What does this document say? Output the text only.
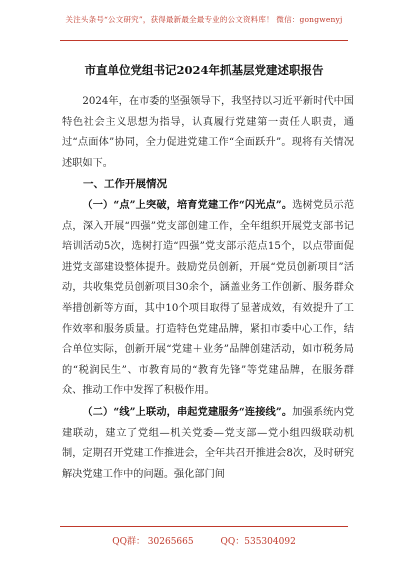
关注头条号“公文研究”，获得最新最全最专业的公文资料库！ 微信：gongwenyj
市直单位党组书记2024年抓基层党建述职报告

2024年，在市委的坚强领导下，我坚持以习近平新时代中国特色社会主义思想为指导，认真履行党建第一责任人职责，通过“点面体”协同，全力促进党建工作“全面跃升”。现将有关情况述职如下。

一、工作开展情况

（一）“点”上突破，培育党建工作“闪光点”。选树党员示范点，深入开展“四强”党支部创建工作，全年组织开展党支部书记培训活动5次，选树打造“四强”党支部示范点15个，以点带面促进党支部建设整体提升。鼓励党员创新，开展“党员创新项目”活动，共收集党员创新项目30余个，涵盖业务工作创新、服务群众举措创新等方面，其中10个项目取得了显著成效，有效提升了工作效率和服务质量。打造特色党建品牌，紧扣市委中心工作，结合单位实际，创新开展“党建＋业务”品牌创建活动，如市税务局的“税润民生”、市教育局的“教育先锋”等党建品牌，在服务群众、推动工作中发挥了积极作用。

（二）“线”上联动，串起党建服务“连接线”。加强系统内党建联动，建立了党组—机关党委—党支部—党小组四级联动机制，定期召开党建工作推进会，全年共召开推进会8次，及时研究解决党建工作中的问题。强化部门间

QQ群： 30265665	QQ：535304092
